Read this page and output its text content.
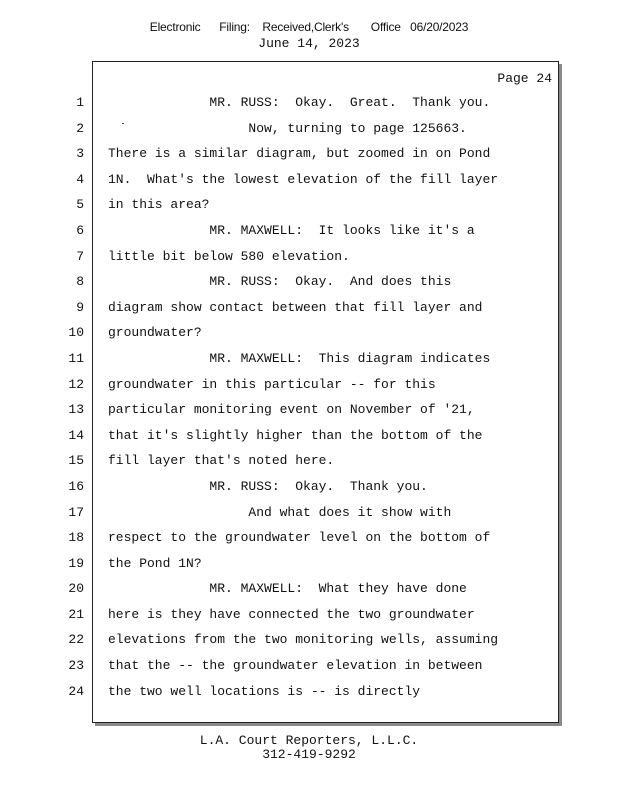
Electronic      Filing:    Received,Clerk's       Office   06/20/2023
June 14, 2023
Page 24
1
2
3
4
5
6
7
8
9
10
11
12
13
14
15
16
17
18
19
20
21
22
23
24
MR. RUSS:  Okay.  Great.  Thank you.
Now, turning to page 125663.
There is a similar diagram, but zoomed in on Pond
1N.  What's the lowest elevation of the fill layer
in this area?
MR. MAXWELL:  It looks like it's a
little bit below 580 elevation.
MR. RUSS:  Okay.  And does this
diagram show contact between that fill layer and
groundwater?
MR. MAXWELL:  This diagram indicates
groundwater in this particular -- for this
particular monitoring event on November of '21,
that it's slightly higher than the bottom of the
fill layer that's noted here.
MR. RUSS:  Okay.  Thank you.
And what does it show with
respect to the groundwater level on the bottom of
the Pond 1N?
MR. MAXWELL:  What they have done
here is they have connected the two groundwater
elevations from the two monitoring wells, assuming
that the -- the groundwater elevation in between
the two well locations is -- is directly
L.A. Court Reporters, L.L.C.
312-419-9292
